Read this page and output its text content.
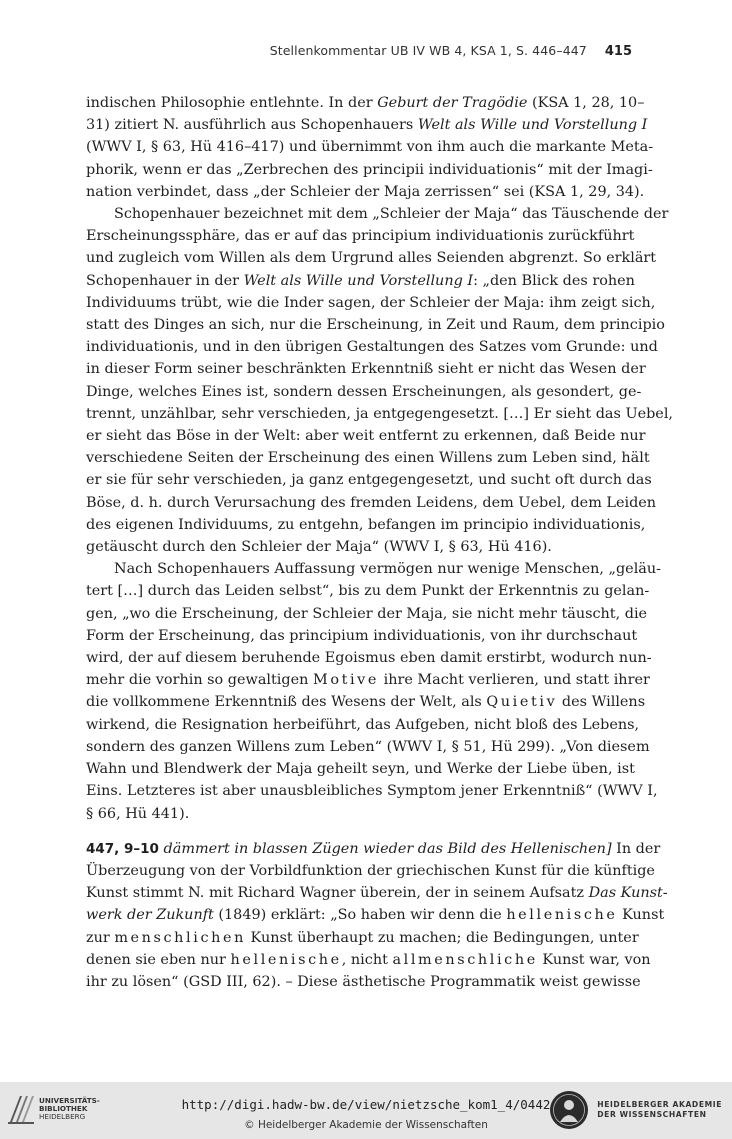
Stellenkommentar UB IV WB 4, KSA 1, S. 446–447 415
indischen Philosophie entlehnte. In der Geburt der Tragödie (KSA 1, 28, 10–
31) zitiert N. ausführlich aus Schopenhauers Welt als Wille und Vorstellung I
(WWV I, § 63, Hü 416–417) und übernimmt von ihm auch die markante Meta-
phorik, wenn er das „Zerbrechen des principii individuationis“ mit der Imagi-
nation verbindet, dass „der Schleier der Maja zerrissen“ sei (KSA 1, 29, 34).
Schopenhauer bezeichnet mit dem „Schleier der Maja“ das Täuschende der
Erscheinungssphäre, das er auf das principium individuationis zurückführt
und zugleich vom Willen als dem Urgrund alles Seienden abgrenzt. So erklärt
Schopenhauer in der Welt als Wille und Vorstellung I: „den Blick des rohen
Individuums trübt, wie die Inder sagen, der Schleier der Maja: ihm zeigt sich,
statt des Dinges an sich, nur die Erscheinung, in Zeit und Raum, dem principio
individuationis, und in den übrigen Gestaltungen des Satzes vom Grunde: und
in dieser Form seiner beschränkten Erkenntniß sieht er nicht das Wesen der
Dinge, welches Eines ist, sondern dessen Erscheinungen, als gesondert, ge-
trennt, unzählbar, sehr verschieden, ja entgegengesetzt. […] Er sieht das Uebel,
er sieht das Böse in der Welt: aber weit entfernt zu erkennen, daß Beide nur
verschiedene Seiten der Erscheinung des einen Willens zum Leben sind, hält
er sie für sehr verschieden, ja ganz entgegengesetzt, und sucht oft durch das
Böse, d. h. durch Verursachung des fremden Leidens, dem Uebel, dem Leiden
des eigenen Individuums, zu entgehn, befangen im principio individuationis,
getäuscht durch den Schleier der Maja“ (WWV I, § 63, Hü 416).
Nach Schopenhauers Auffassung vermögen nur wenige Menschen, „geläu-
tert […] durch das Leiden selbst“, bis zu dem Punkt der Erkenntnis zu gelan-
gen, „wo die Erscheinung, der Schleier der Maja, sie nicht mehr täuscht, die
Form der Erscheinung, das principium individuationis, von ihr durchschaut
wird, der auf diesem beruhende Egoismus eben damit erstirbt, wodurch nun-
mehr die vorhin so gewaltigen Motive ihre Macht verlieren, und statt ihrer
die vollkommene Erkenntniß des Wesens der Welt, als Quietiv des Willens
wirkend, die Resignation herbeiführt, das Aufgeben, nicht bloß des Lebens,
sondern des ganzen Willens zum Leben“ (WWV I, § 51, Hü 299). „Von diesem
Wahn und Blendwerk der Maja geheilt seyn, und Werke der Liebe üben, ist
Eins. Letzteres ist aber unausbleibliches Symptom jener Erkenntniß“ (WWV I,
§ 66, Hü 441).
447, 9–10 dämmert in blassen Zügen wieder das Bild des Hellenischen] In der
Überzeugung von der Vorbildfunktion der griechischen Kunst für die künftige
Kunst stimmt N. mit Richard Wagner überein, der in seinem Aufsatz Das Kunst-
werk der Zukunft (1849) erklärt: „So haben wir denn die hellenische Kunst
zur menschlichen Kunst überhaupt zu machen; die Bedingungen, unter
denen sie eben nur hellenische, nicht allmenschliche Kunst war, von
ihr zu lösen“ (GSD III, 62). – Diese ästhetische Programmatik weist gewisse
UNIVERSITÄTS-
BIBLIOTHEK
HEIDELBERG
http://digi.hadw-bw.de/view/nietzsche_kom1_4/0442
© Heidelberger Akademie der Wissenschaften
HEIDELBERGER AKADEMIE
DER WISSENSCHAFTEN
